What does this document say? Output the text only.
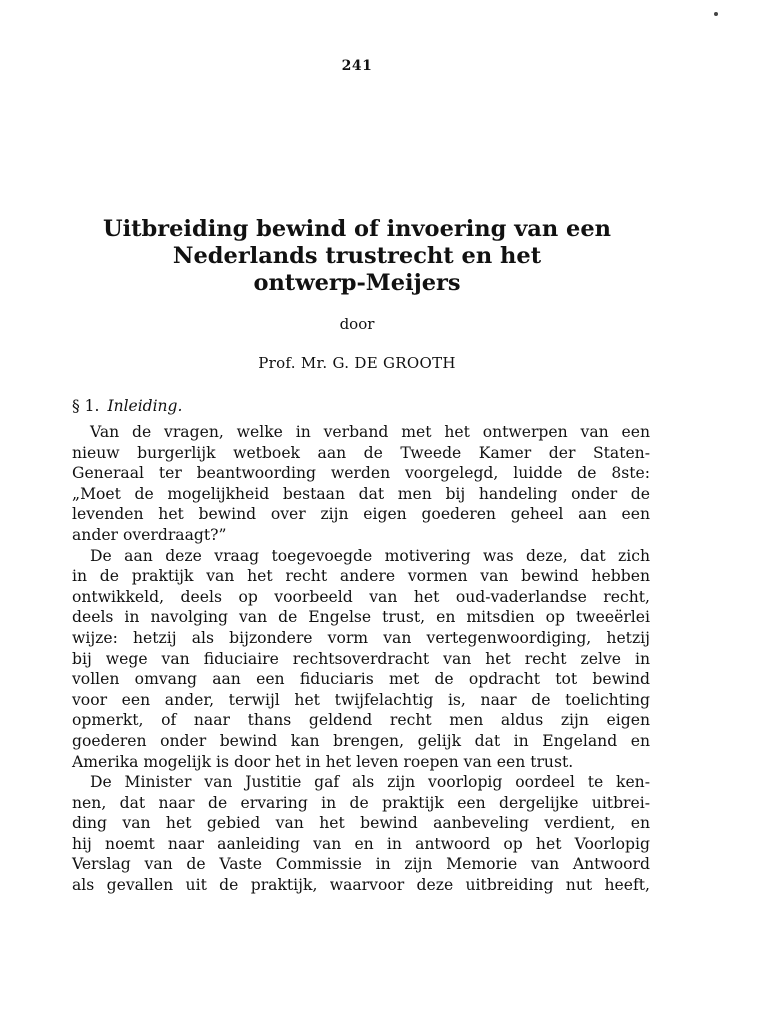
241
Uitbreiding bewind of invoering van een
Nederlands trustrecht en het
ontwerp-Meijers
door
Prof. Mr. G. DE GROOTH
§ 1. Inleiding.
Van de vragen, welke in verband met het ontwerpen van een
nieuw burgerlijk wetboek aan de Tweede Kamer der Staten-
Generaal ter beantwoording werden voorgelegd, luidde de 8ste:
„Moet de mogelijkheid bestaan dat men bij handeling onder de
levenden het bewind over zijn eigen goederen geheel aan een
ander overdraagt?”
De aan deze vraag toegevoegde motivering was deze, dat zich
in de praktijk van het recht andere vormen van bewind hebben
ontwikkeld, deels op voorbeeld van het oud-vaderlandse recht,
deels in navolging van de Engelse trust, en mitsdien op tweeërlei
wijze: hetzij als bijzondere vorm van vertegenwoordiging, hetzij
bij wege van fiduciaire rechtsoverdracht van het recht zelve in
vollen omvang aan een fiduciaris met de opdracht tot bewind
voor een ander, terwijl het twijfelachtig is, naar de toelichting
opmerkt, of naar thans geldend recht men aldus zijn eigen
goederen onder bewind kan brengen, gelijk dat in Engeland en
Amerika mogelijk is door het in het leven roepen van een trust.
De Minister van Justitie gaf als zijn voorlopig oordeel te ken-
nen, dat naar de ervaring in de praktijk een dergelijke uitbrei-
ding van het gebied van het bewind aanbeveling verdient, en
hij noemt naar aanleiding van en in antwoord op het Voorlopig
Verslag van de Vaste Commissie in zijn Memorie van Antwoord
als gevallen uit de praktijk, waarvoor deze uitbreiding nut heeft,
